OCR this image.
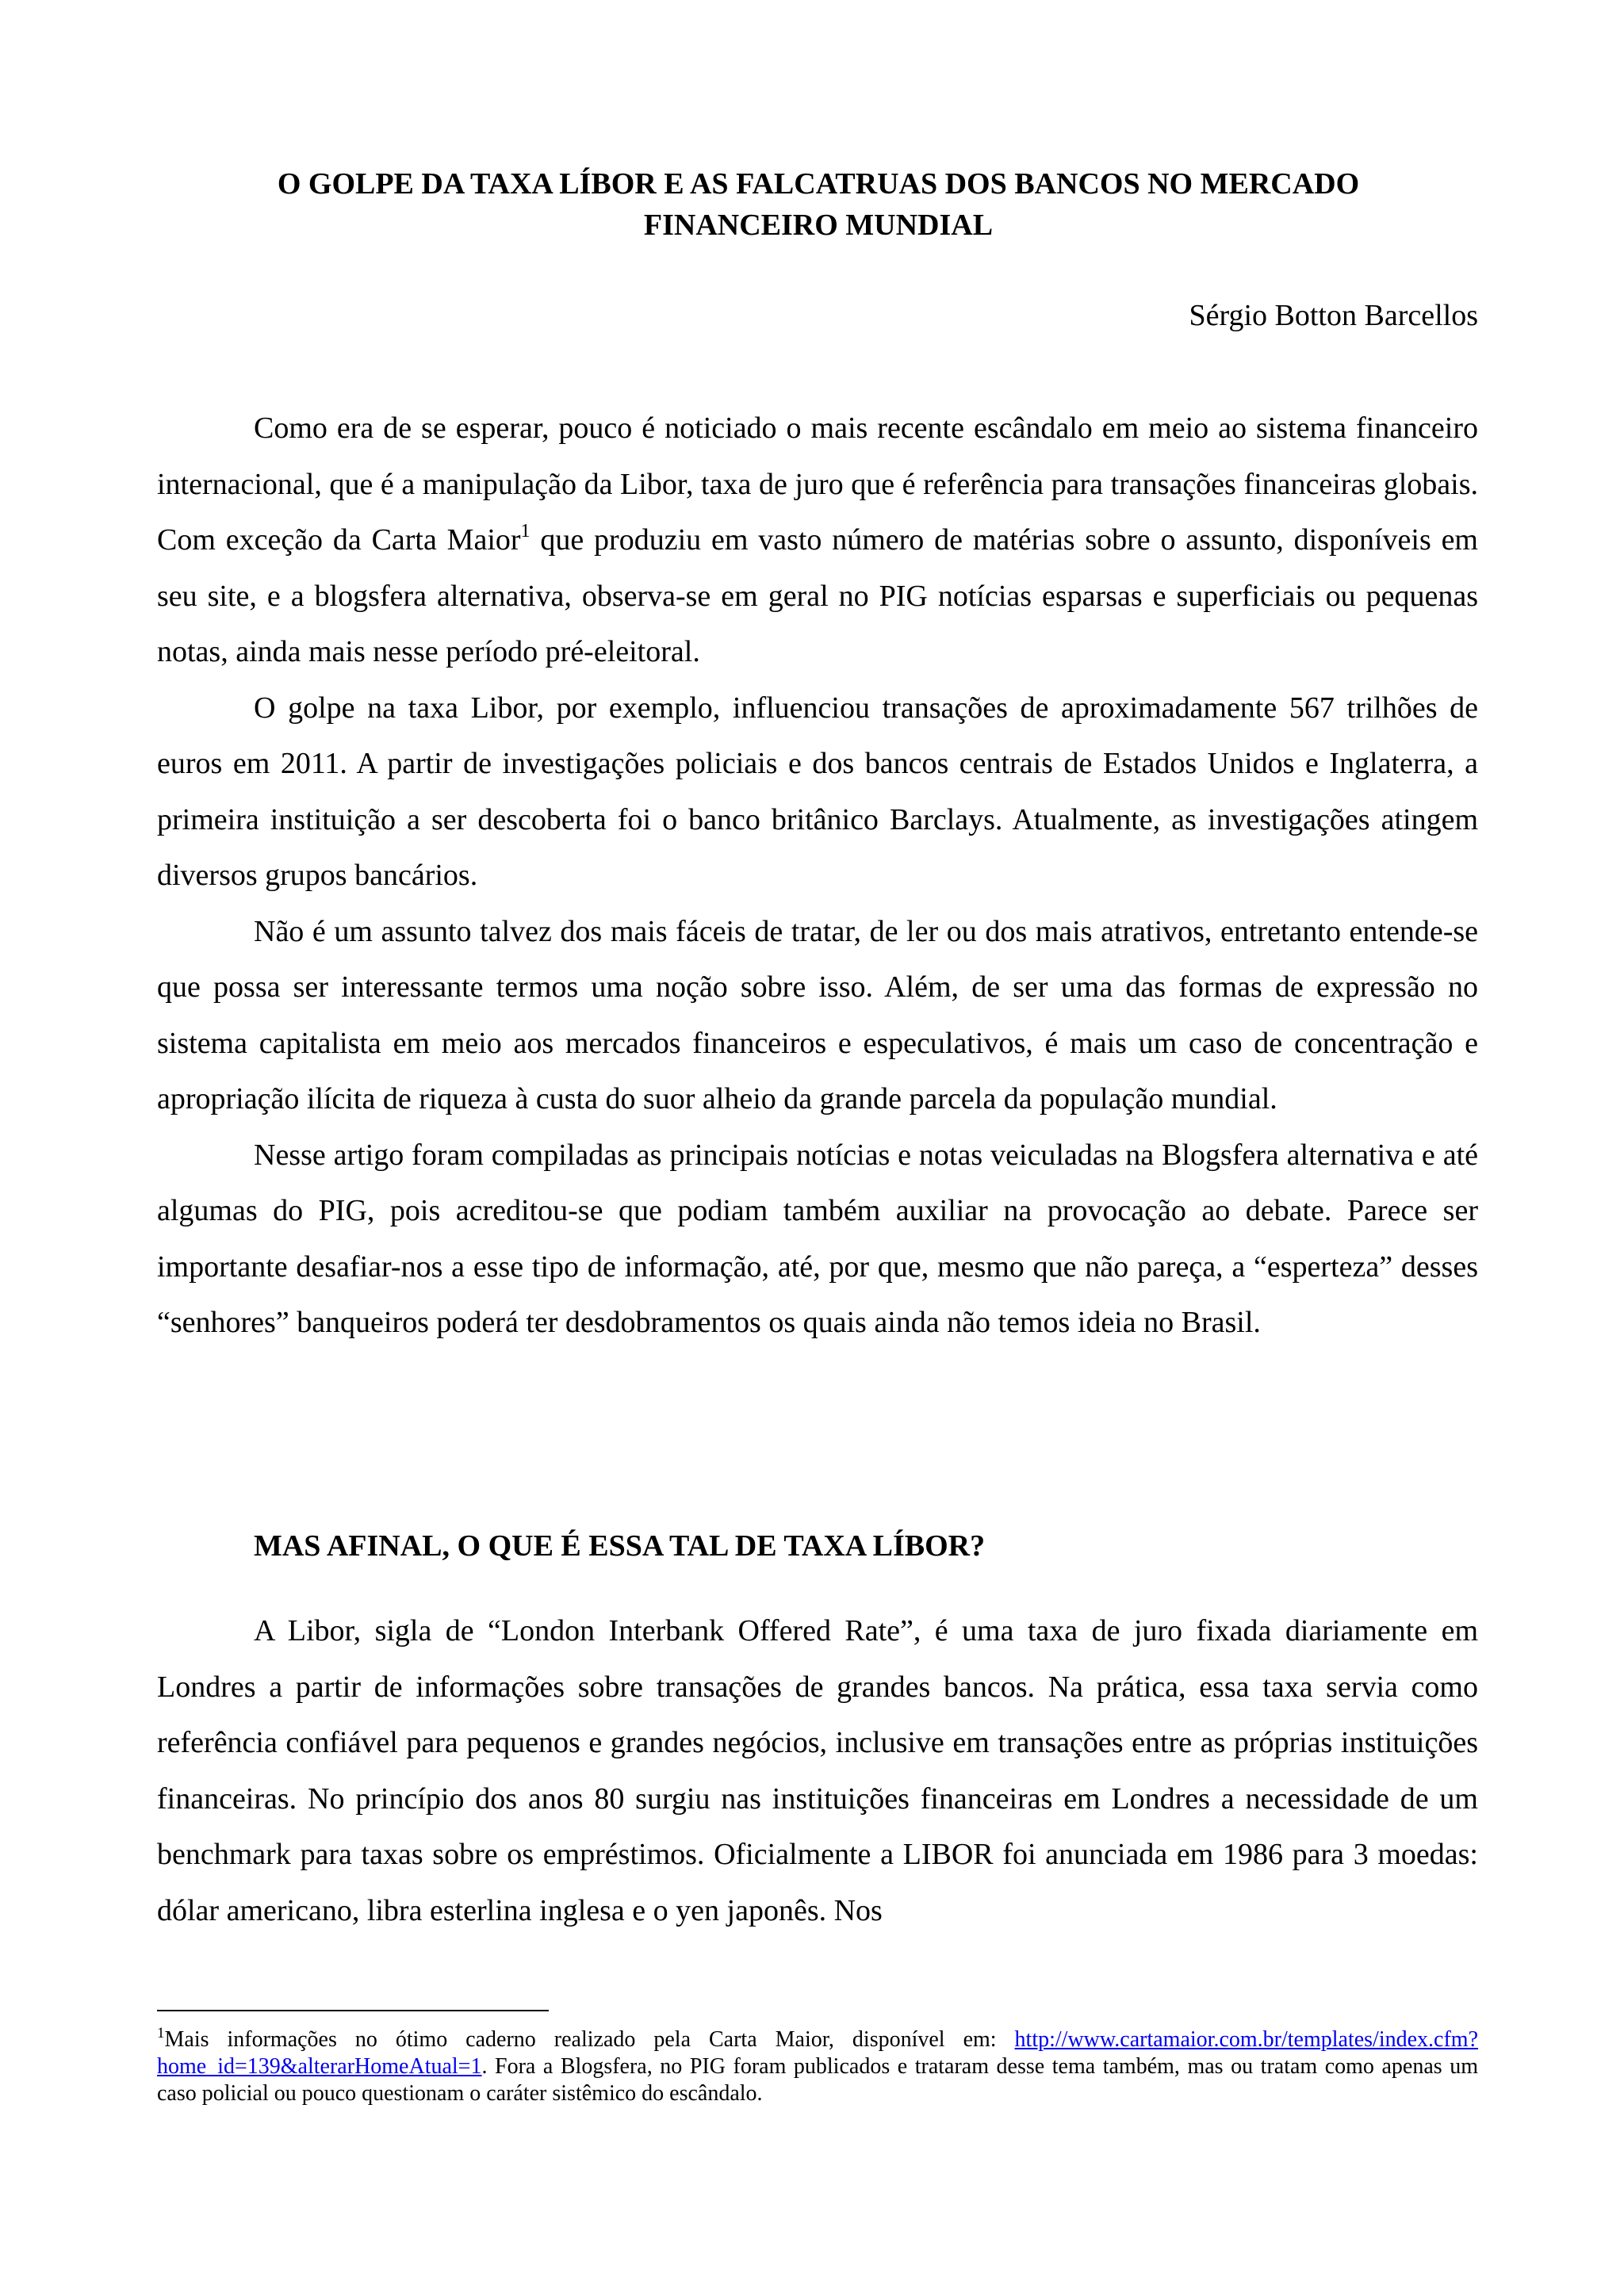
O GOLPE DA TAXA LÍBOR E AS FALCATRUAS DOS BANCOS NO MERCADO
FINANCEIRO MUNDIAL

Sérgio Botton Barcellos

Como era de se esperar, pouco é noticiado o mais recente escândalo em meio ao sistema financeiro internacional, que é a manipulação da Libor, taxa de juro que é referência para transações financeiras globais. Com exceção da Carta Maior$^1$ que produziu em vasto número de matérias sobre o assunto, disponíveis em seu site, e a blogsfera alternativa, observa-se em geral no PIG notícias esparsas e superficiais ou pequenas notas, ainda mais nesse período pré-eleitoral.

O golpe na taxa Libor, por exemplo, influenciou transações de aproximadamente 567 trilhões de euros em 2011. A partir de investigações policiais e dos bancos centrais de Estados Unidos e Inglaterra, a primeira instituição a ser descoberta foi o banco britânico Barclays. Atualmente, as investigações atingem diversos grupos bancários.

Não é um assunto talvez dos mais fáceis de tratar, de ler ou dos mais atrativos, entretanto entende-se que possa ser interessante termos uma noção sobre isso. Além, de ser uma das formas de expressão no sistema capitalista em meio aos mercados financeiros e especulativos, é mais um caso de concentração e apropriação ilícita de riqueza à custa do suor alheio da grande parcela da população mundial.

Nesse artigo foram compiladas as principais notícias e notas veiculadas na Blogsfera alternativa e até algumas do PIG, pois acreditou-se que podiam também auxiliar na provocação ao debate. Parece ser importante desafiar-nos a esse tipo de informação, até, por que, mesmo que não pareça, a “esperteza” desses “senhores” banqueiros poderá ter desdobramentos os quais ainda não temos ideia no Brasil.

MAS AFINAL, O QUE É ESSA TAL DE TAXA LÍBOR?

A Libor, sigla de “London Interbank Offered Rate”, é uma taxa de juro fixada diariamente em Londres a partir de informações sobre transações de grandes bancos. Na prática, essa taxa servia como referência confiável para pequenos e grandes negócios, inclusive em transações entre as próprias instituições financeiras. No princípio dos anos 80 surgiu nas instituições financeiras em Londres a necessidade de um benchmark para taxas sobre os empréstimos. Oficialmente a LIBOR foi anunciada em 1986 para 3 moedas: dólar americano, libra esterlina inglesa e o yen japonês. Nos

$^1$Mais informações no ótimo caderno realizado pela Carta Maior, disponível em: http://www.cartamaior.com.br/templates/index.cfm?home_id=139&alterarHomeAtual=1. Fora a Blogsfera, no PIG foram publicados e trataram desse tema também, mas ou tratam como apenas um caso policial ou pouco questionam o caráter sistêmico do escândalo.
